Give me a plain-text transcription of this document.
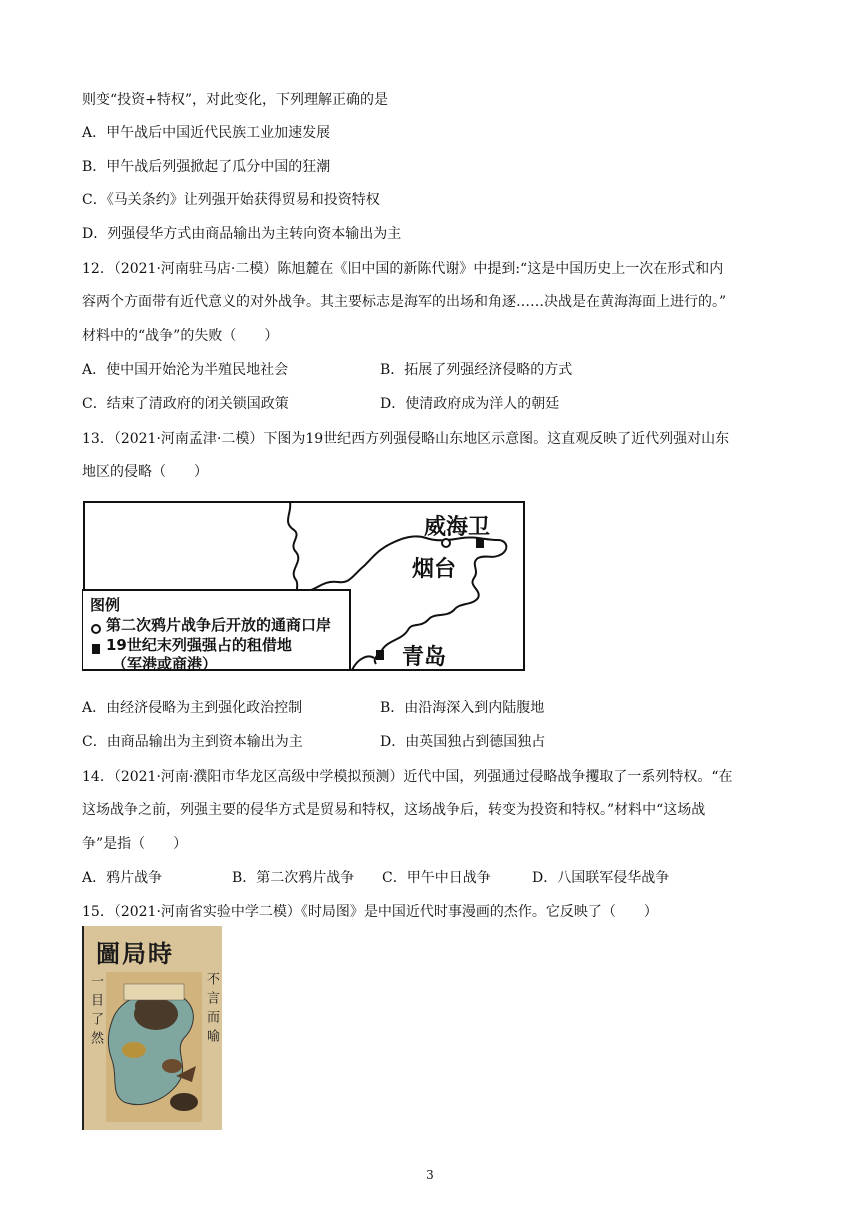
则变“投资+特权”，对此变化，下列理解正确的是
A．甲午战后中国近代民族工业加速发展
B．甲午战后列强掀起了瓜分中国的狂潮
C．《马关条约》让列强开始获得贸易和投资特权
D．列强侵华方式由商品输出为主转向资本输出为主
12．（2021·河南驻马店·二模）陈旭麓在《旧中国的新陈代谢》中提到:“这是中国历史上一次在形式和内
容两个方面带有近代意义的对外战争。其主要标志是海军的出场和角逐……决战是在黄海海面上进行的。”
材料中的“战争”的失败（　　）
A．使中国开始沦为半殖民地社会	B．拓展了列强经济侵略的方式
C．结束了清政府的闭关锁国政策	D．使清政府成为洋人的朝廷
13．（2021·河南孟津·二模）下图为19世纪西方列强侵略山东地区示意图。这直观反映了近代列强对山东
地区的侵略（　　）
威海卫
烟台
青岛
图例
第二次鸦片战争后开放的通商口岸
19世纪末列强强占的租借地
（军港或商港）
A．由经济侵略为主到强化政治控制	B．由沿海深入到内陆腹地
C．由商品输出为主到资本输出为主	D．由英国独占到德国独占
14．（2021·河南·濮阳市华龙区高级中学模拟预测）近代中国，列强通过侵略战争攫取了一系列特权。“在
这场战争之前，列强主要的侵华方式是贸易和特权，这场战争后，转变为投资和特权。”材料中“这场战
争”是指（　　）
A．鸦片战争	B．第二次鸦片战争 C．甲午中日战争	D．八国联军侵华战争
15．（2021·河南省实验中学二模）《时局图》是中国近代时事漫画的杰作。它反映了（　　）
圖局時
一目了然	不言而喻
3
